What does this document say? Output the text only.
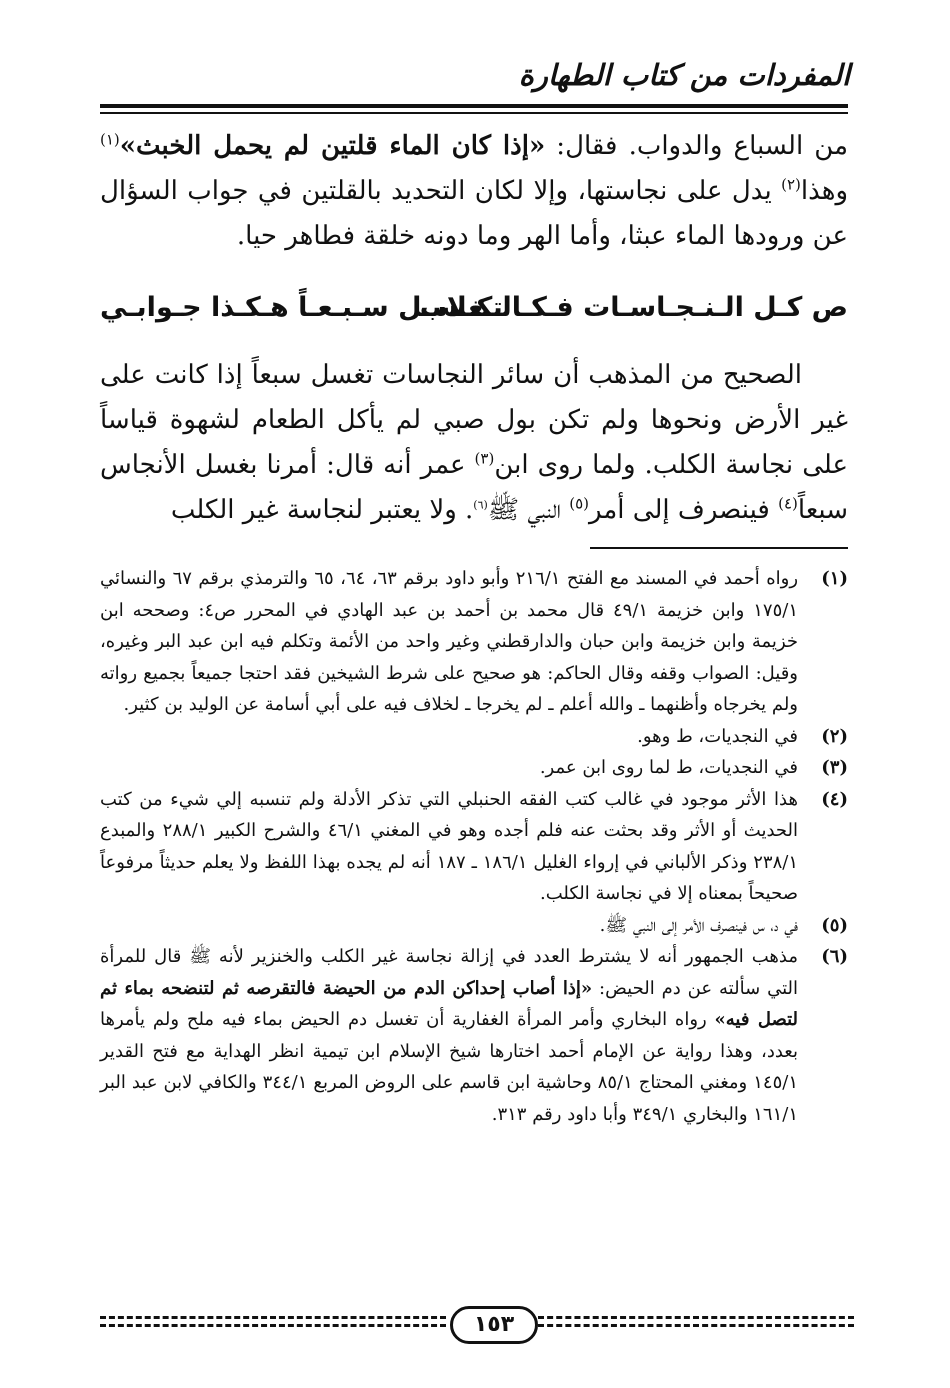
المفردات من كتاب الطهارة

من السباع والدواب. فقال: «إذا كان الماء قلتين لم يحمل الخبث»$^{(١)}$ وهذا$^{(٢)}$ يدل على نجاستها، وإلا لكان التحديد بالقلتين في جواب السؤال عن ورودها الماء عبثا، وأما الهر وما دونه خلقة فطاهر حيا.

ص كـل الـنـجـاسـات فـكـالـكـلاب
تـغـسـل سـبـعـاً هـكـذا جـوابـي

الصحيح من المذهب أن سائر النجاسات تغسل سبعاً إذا كانت على غير الأرض ونحوها ولم تكن بول صبي لم يأكل الطعام لشهوة قياساً على نجاسة الكلب. ولما روى ابن$^{(٣)}$ عمر أنه قال: أمرنا بغسل الأنجاس سبعاً$^{(٤)}$ فينصرف إلى أمر$^{(٥)}$ النبي ﷺ$^{(٦)}$. ولا يعتبر لنجاسة غير الكلب

(١)
رواه أحمد في المسند مع الفتح ٢١٦/١ وأبو داود برقم ٦٣، ٦٤، ٦٥ والترمذي برقم ٦٧ والنسائي ١٧٥/١ وابن خزيمة ٤٩/١ قال محمد بن أحمد بن عبد الهادي في المحرر ص٤: وصححه ابن خزيمة وابن خزيمة وابن حبان والدارقطني وغير واحد من الأئمة وتكلم فيه ابن عبد البر وغيره، وقيل: الصواب وقفه وقال الحاكم: هو صحيح على شرط الشيخين فقد احتجا جميعاً بجميع رواته ولم يخرجاه وأظنهما ـ والله أعلم ـ لم يخرجا ـ لخلاف فيه على أبي أسامة عن الوليد بن كثير.
(٢)
في النجديات، ط وهو.
(٣)
في النجديات، ط لما روى ابن عمر.
(٤)
هذا الأثر موجود في غالب كتب الفقه الحنبلي التي تذكر الأدلة ولم تنسبه إلي شيء من كتب الحديث أو الأثر وقد بحثت عنه فلم أجده وهو في المغني ٤٦/١ والشرح الكبير ٢٨٨/١ والمبدع ٢٣٨/١ وذكر الألباني في إرواء الغليل ١٨٦/١ ـ ١٨٧ أنه لم يجده بهذا اللفظ ولا يعلم حديثاً مرفوعاً صحيحاً بمعناه إلا في نجاسة الكلب.
(٥)
في د، س فينصرف الأمر إلى النبي ﷺ.
(٦)
مذهب الجمهور أنه لا يشترط العدد في إزالة نجاسة غير الكلب والخنزير لأنه ﷺ قال للمرأة التي سألته عن دم الحيض: «إذا أصاب إحداكن الدم من الحيضة فالتقرصه ثم لتنضحه بماء ثم لتصل فيه» رواه البخاري وأمر المرأة الغفارية أن تغسل دم الحيض بماء فيه ملح ولم يأمرها بعدد، وهذا رواية عن الإمام أحمد اختارها شيخ الإسلام ابن تيمية انظر الهداية مع فتح القدير ١٤٥/١ ومغني المحتاج ٨٥/١ وحاشية ابن قاسم على الروض المربع ٣٤٤/١ والكافي لابن عبد البر ١٦١/١ والبخاري ٣٤٩/١ وأبا داود رقم ٣١٣.
١٥٣
